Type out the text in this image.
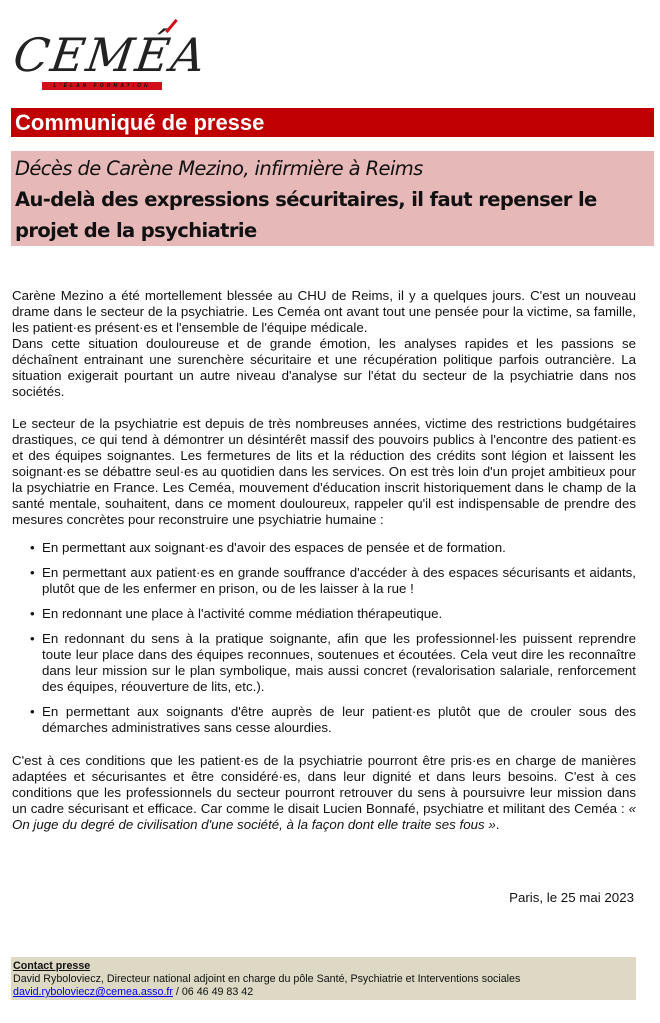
CEMÉA
L'ÉLAN FORMATION
Communiqué de presse
Décès de Carène Mezino, infirmière à Reims
Au-delà des expressions sécuritaires, il faut repenser le
projet de la psychiatrie

Carène Mezino a été mortellement blessée au CHU de Reims, il y a quelques jours. C'est un nouveau drame dans le secteur de la psychiatrie. Les Ceméa ont avant tout une pensée pour la victime, sa famille, les patient·es présent·es et l'ensemble de l'équipe médicale.

Dans cette situation douloureuse et de grande émotion, les analyses rapides et les passions se déchaînent entrainant une surenchère sécuritaire et une récupération politique parfois outrancière. La situation exigerait pourtant un autre niveau d'analyse sur l'état du secteur de la psychiatrie dans nos sociétés.

Le secteur de la psychiatrie est depuis de très nombreuses années, victime des restrictions budgétaires drastiques, ce qui tend à démontrer un désintérêt massif des pouvoirs publics à l'encontre des patient·es et des équipes soignantes. Les fermetures de lits et la réduction des crédits sont légion et laissent les soignant·es se débattre seul·es au quotidien dans les services. On est très loin d'un projet ambitieux pour la psychiatrie en France. Les Ceméa, mouvement d'éducation inscrit historiquement dans le champ de la santé mentale, souhaitent, dans ce moment douloureux, rappeler qu'il est indispensable de prendre des mesures concrètes pour reconstruire une psychiatrie humaine :

• En permettant aux soignant·es d'avoir des espaces de pensée et de formation.
• En permettant aux patient·es en grande souffrance d'accéder à des espaces sécurisants et aidants, plutôt que de les enfermer en prison, ou de les laisser à la rue !
• En redonnant une place à l'activité comme médiation thérapeutique.
• En redonnant du sens à la pratique soignante, afin que les professionnel·les puissent reprendre toute leur place dans des équipes reconnues, soutenues et écoutées. Cela veut dire les reconnaître dans leur mission sur le plan symbolique, mais aussi concret (revalorisation salariale, renforcement des équipes, réouverture de lits, etc.).
• En permettant aux soignants d'être auprès de leur patient·es plutôt que de crouler sous des démarches administratives sans cesse alourdies.

C'est à ces conditions que les patient·es de la psychiatrie pourront être pris·es en charge de manières adaptées et sécurisantes et être considéré·es, dans leur dignité et dans leurs besoins. C'est à ces conditions que les professionnels du secteur pourront retrouver du sens à poursuivre leur mission dans un cadre sécurisant et efficace. Car comme le disait Lucien Bonnafé, psychiatre et militant des Ceméa : « On juge du degré de civilisation d'une société, à la façon dont elle traite ses fous ».

Paris, le 25 mai 2023
Contact presse
David Ryboloviecz, Directeur national adjoint en charge du pôle Santé, Psychiatrie et Interventions sociales
david.ryboloviecz@cemea.asso.fr / 06 46 49 83 42
